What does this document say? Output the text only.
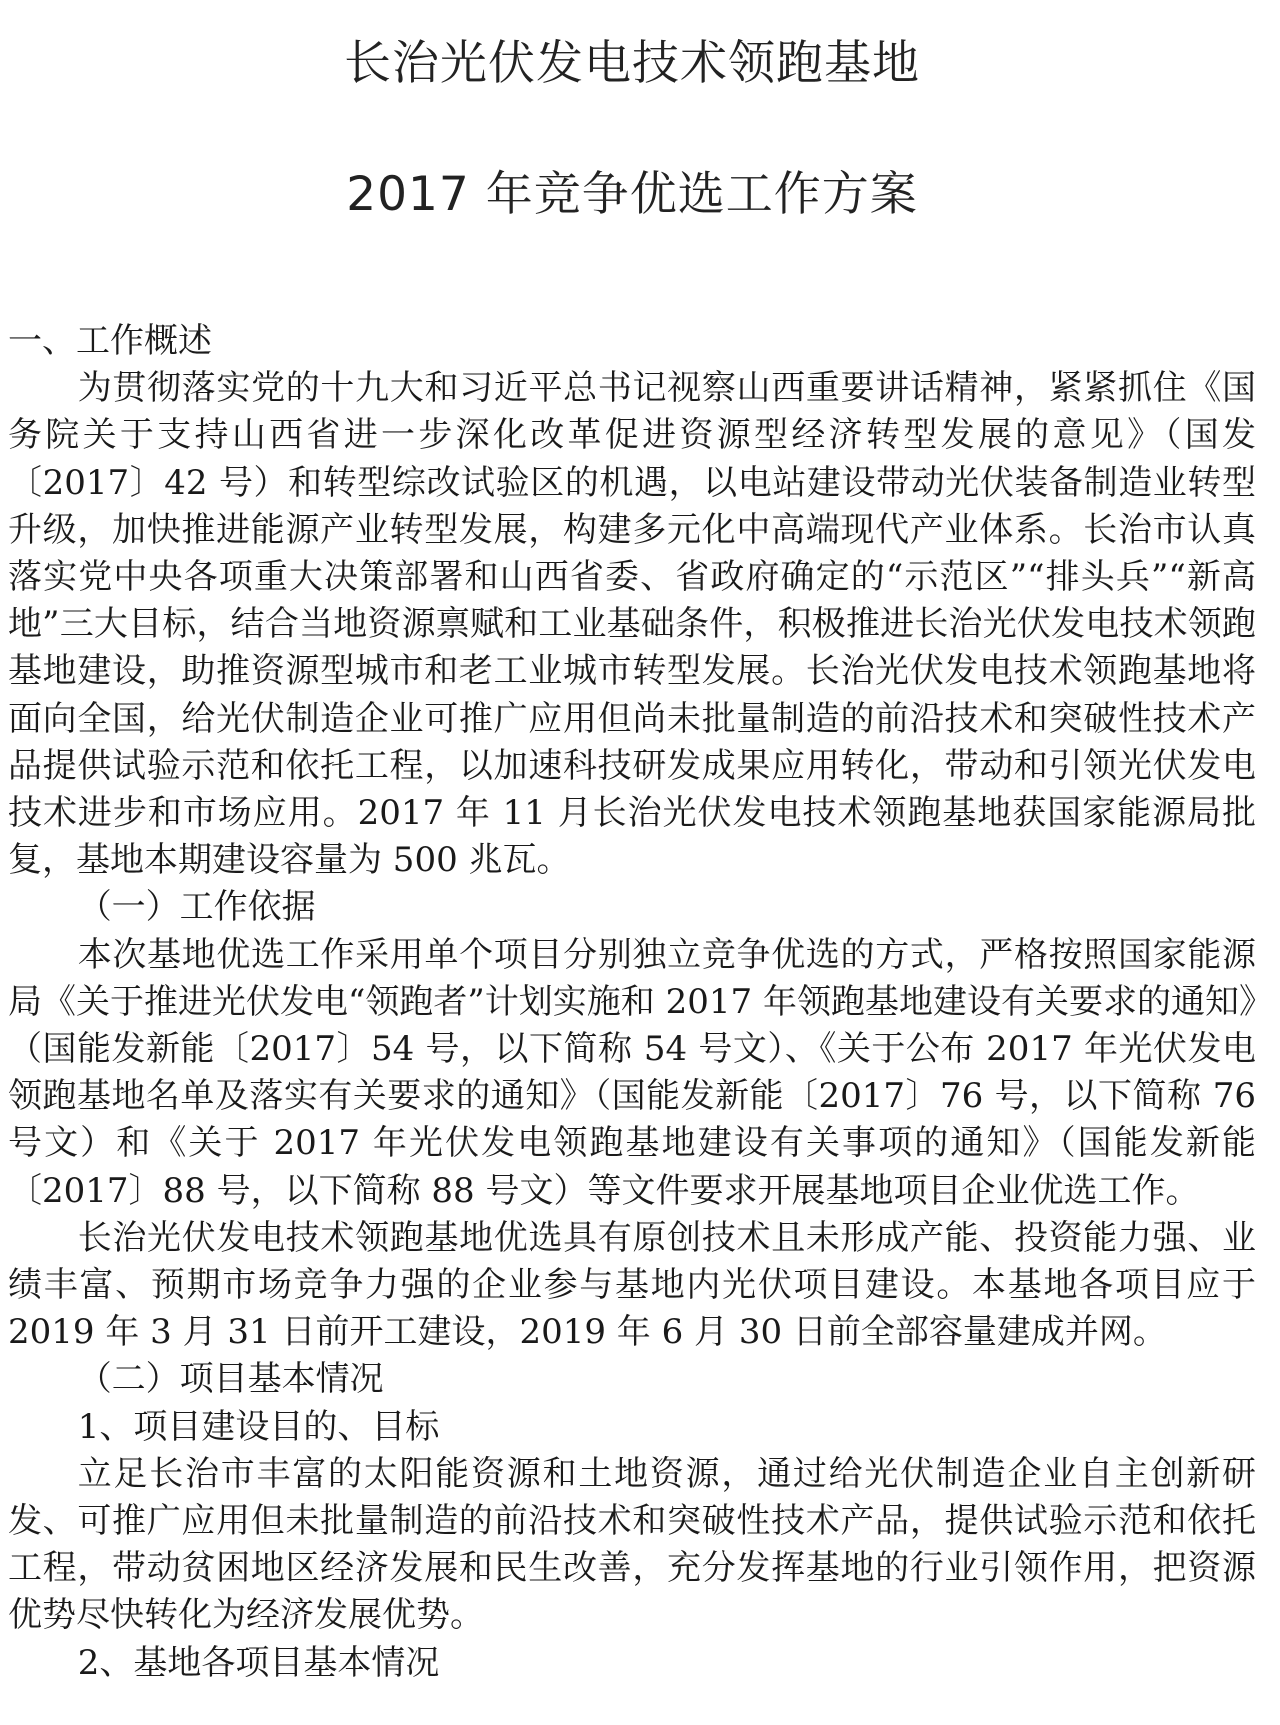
长治光伏发电技术领跑基地
2017 年竞争优选工作方案

一、工作概述

为贯彻落实党的十九大和习近平总书记视察山西重要讲话精神，紧紧抓住《国务院关于支持山西省进一步深化改革促进资源型经济转型发展的意见》（国发〔2017〕42 号）和转型综改试验区的机遇，以电站建设带动光伏装备制造业转型升级，加快推进能源产业转型发展，构建多元化中高端现代产业体系。长治市认真落实党中央各项重大决策部署和山西省委、省政府确定的“示范区”“排头兵”“新高地”三大目标，结合当地资源禀赋和工业基础条件，积极推进长治光伏发电技术领跑基地建设，助推资源型城市和老工业城市转型发展。长治光伏发电技术领跑基地将面向全国，给光伏制造企业可推广应用但尚未批量制造的前沿技术和突破性技术产品提供试验示范和依托工程，以加速科技研发成果应用转化，带动和引领光伏发电技术进步和市场应用。2017 年 11 月长治光伏发电技术领跑基地获国家能源局批复，基地本期建设容量为 500 兆瓦。

（一）工作依据

本次基地优选工作采用单个项目分别独立竞争优选的方式，严格按照国家能源局《关于推进光伏发电“领跑者”计划实施和 2017 年领跑基地建设有关要求的通知》（国能发新能〔2017〕54 号，以下简称 54 号文）、《关于公布 2017 年光伏发电领跑基地名单及落实有关要求的通知》（国能发新能〔2017〕76 号，以下简称 76 号文）和《关于 2017 年光伏发电领跑基地建设有关事项的通知》（国能发新能〔2017〕88 号，以下简称 88 号文）等文件要求开展基地项目企业优选工作。

长治光伏发电技术领跑基地优选具有原创技术且未形成产能、投资能力强、业绩丰富、预期市场竞争力强的企业参与基地内光伏项目建设。本基地各项目应于 2019 年 3 月 31 日前开工建设，2019 年 6 月 30 日前全部容量建成并网。

（二）项目基本情况

1、项目建设目的、目标

立足长治市丰富的太阳能资源和土地资源，通过给光伏制造企业自主创新研发、可推广应用但未批量制造的前沿技术和突破性技术产品，提供试验示范和依托工程，带动贫困地区经济发展和民生改善，充分发挥基地的行业引领作用，把资源优势尽快转化为经济发展优势。

2、基地各项目基本情况
